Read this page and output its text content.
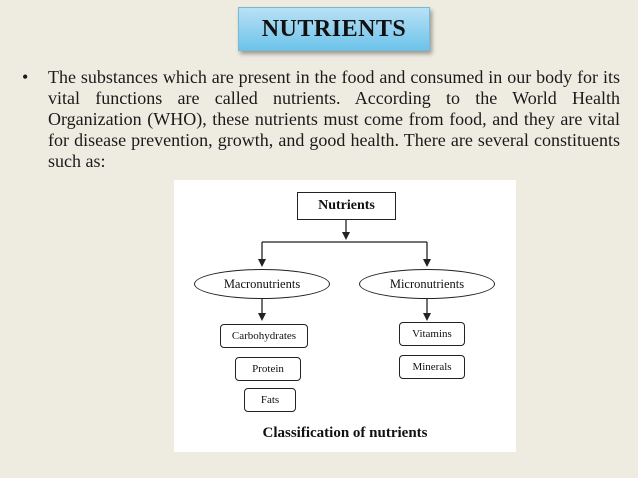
NUTRIENTS
• The substances which are present in the food and consumed in our body for its vital functions are called nutrients. According to the World Health Organization (WHO), these nutrients must come from food, and they are vital for disease prevention, growth, and good health. There are several constituents such as:

Nutrients
Macronutrients	Micronutrients
Carbohydrates
Protein
Fats
Vitamins
Minerals
Classification of nutrients
